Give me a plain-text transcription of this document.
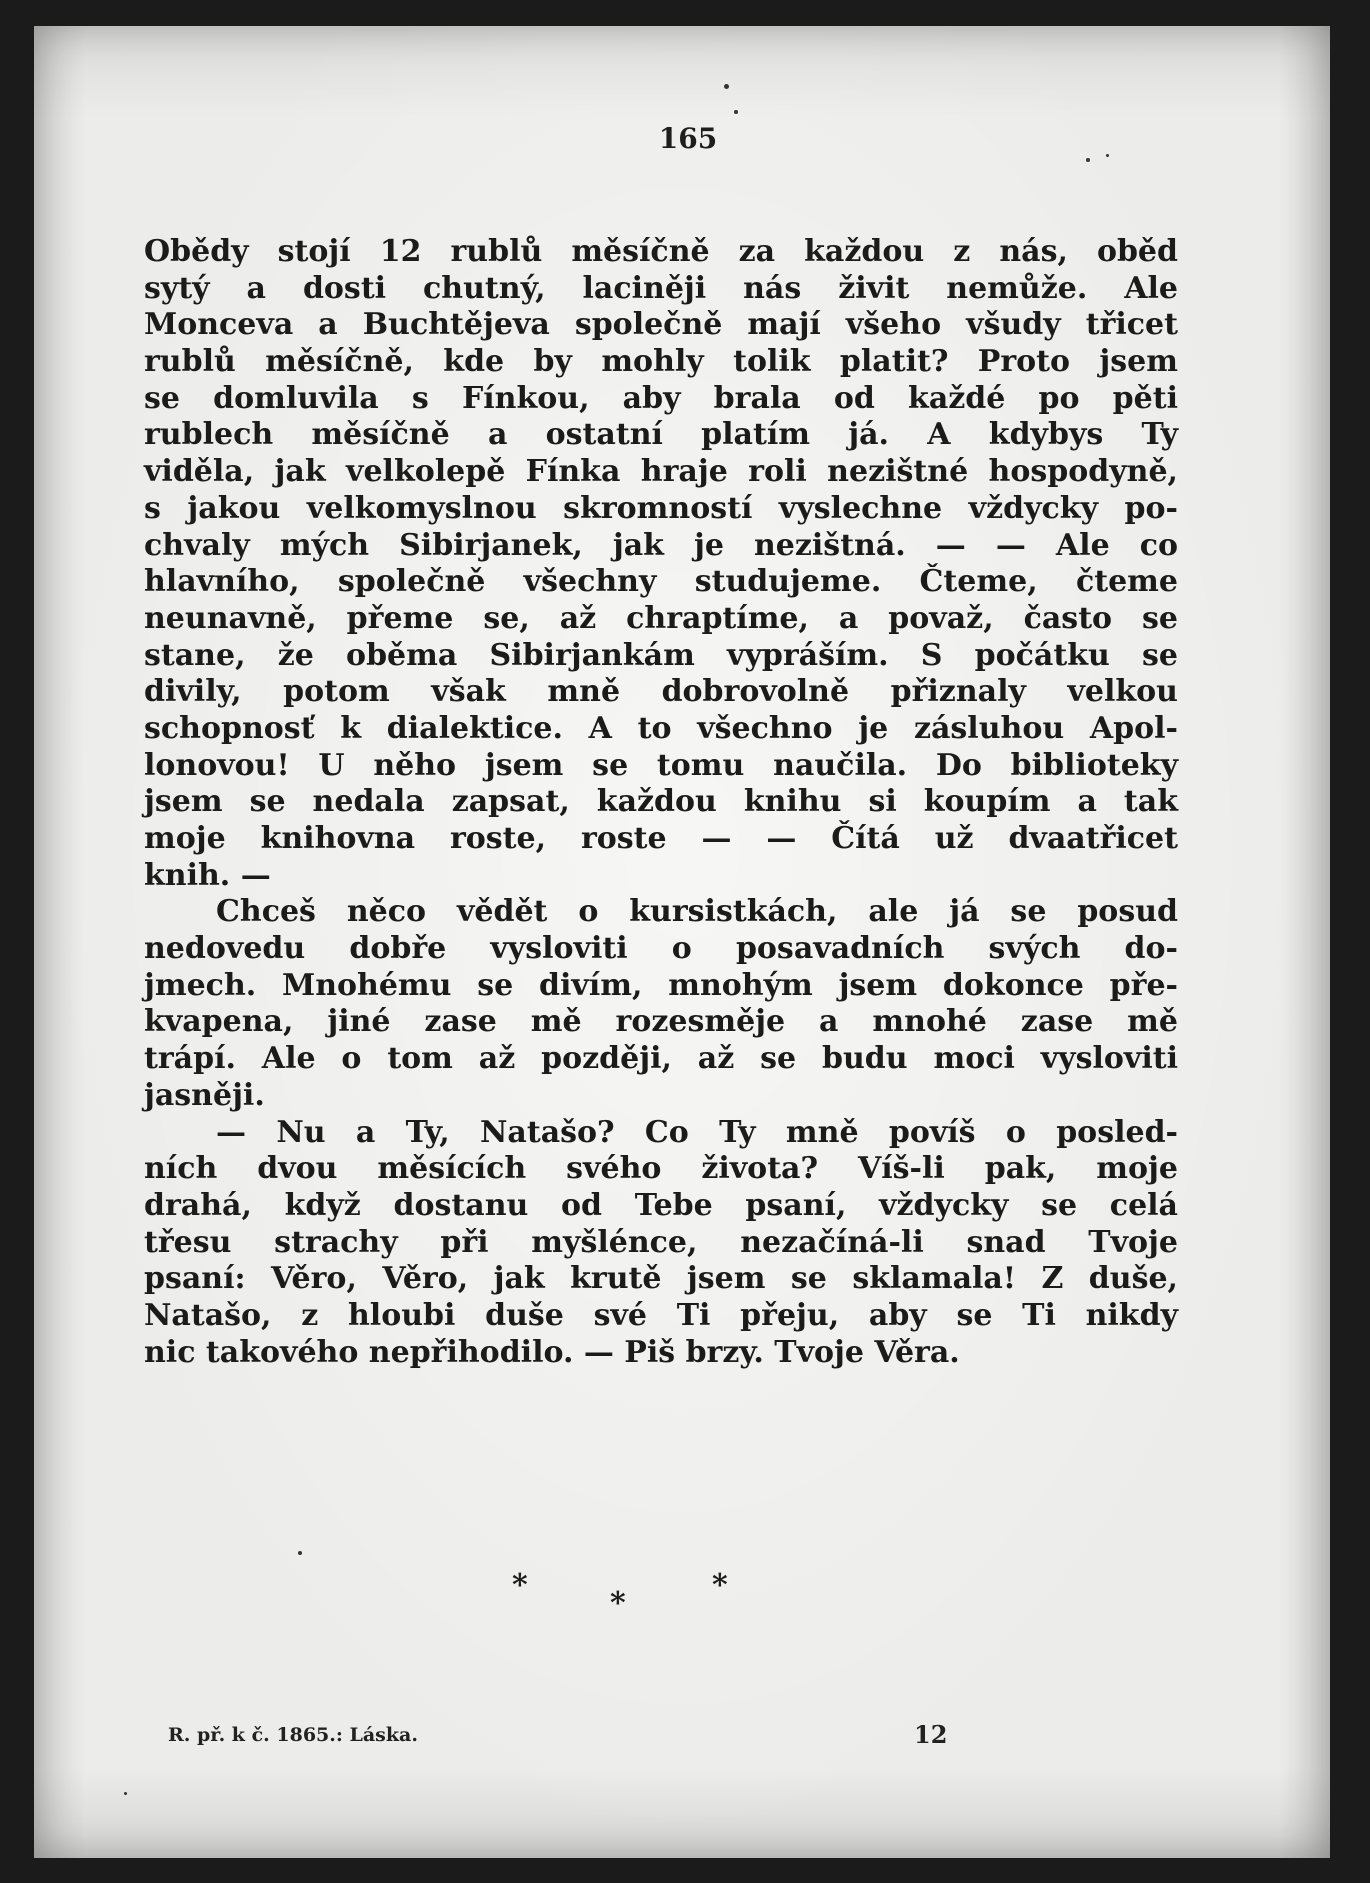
165
Obědy stojí 12 rublů měsíčně za každou z nás, oběd
sytý a dosti chutný, laciněji nás živit nemůže. Ale
Monceva a Buchtějeva společně mají všeho všudy třicet
rublů měsíčně, kde by mohly tolik platit? Proto jsem
se domluvila s Fínkou, aby brala od každé po pěti
rublech měsíčně a ostatní platím já. A kdybys Ty
viděla, jak velkolepě Fínka hraje roli nezištné hospodyně,
s jakou velkomyslnou skromností vyslechne vždycky po-
chvaly mých Sibirjanek, jak je nezištná. — — Ale co
hlavního, společně všechny studujeme. Čteme, čteme
neunavně, přeme se, až chraptíme, a považ, často se
stane, že oběma Sibirjankám vypráším. S počátku se
divily, potom však mně dobrovolně přiznaly velkou
schopnosť k dialektice. A to všechno je zásluhou Apol-
lonovou! U něho jsem se tomu naučila. Do biblioteky
jsem se nedala zapsat, každou knihu si koupím a tak
moje knihovna roste, roste — — Čítá už dvaatřicet
knih. —
Chceš něco vědět o kursistkách, ale já se posud
nedovedu dobře vysloviti o posavadních svých do-
jmech. Mnohému se divím, mnohým jsem dokonce pře-
kvapena, jiné zase mě rozesměje a mnohé zase mě
trápí. Ale o tom až později, až se budu moci vysloviti
jasněji.
— Nu a Ty, Natašo? Co Ty mně povíš o posled-
ních dvou měsících svého života? Víš-li pak, moje
drahá, když dostanu od Tebe psaní, vždycky se celá
třesu strachy při myšlénce, nezačíná-li snad Tvoje
psaní: Věro, Věro, jak krutě jsem se sklamala! Z duše,
Natašo, z hloubi duše své Ti přeju, aby se Ti nikdy
nic takového nepřihodilo. — Piš brzy. Tvoje Věra.
*
*
*
R. př. k č. 1865.: Láska.	12
